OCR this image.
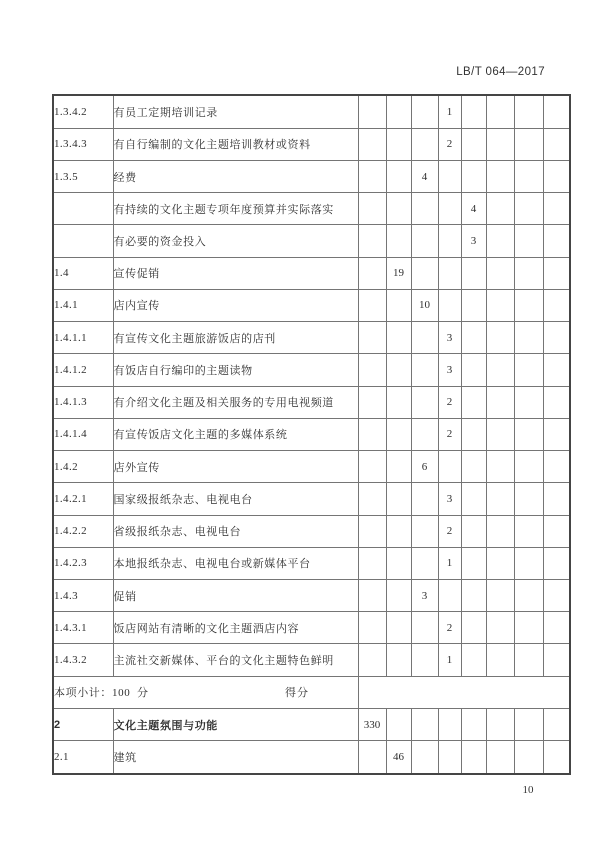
LB/T 064—2017
1.3.4.2	有员工定期培训记录				1				
1.3.4.3	有自行编制的文化主题培训教材或资料				2				
1.3.5	经费			4					
	有持续的文化主题专项年度预算并实际落实					4			
	有必要的资金投入					3			
1.4	宣传促销		19						
1.4.1	店内宣传			10					
1.4.1.1	有宣传文化主题旅游饭店的店刊				3				
1.4.1.2	有饭店自行编印的主题读物				3				
1.4.1.3	有介绍文化主题及相关服务的专用电视频道				2				
1.4.1.4	有宣传饭店文化主题的多媒体系统				2				
1.4.2	店外宣传			6					
1.4.2.1	国家级报纸杂志、电视电台				3				
1.4.2.2	省级报纸杂志、电视电台				2				
1.4.2.3	本地报纸杂志、电视电台或新媒体平台				1				
1.4.3	促销			3					
1.4.3.1	饭店网站有清晰的文化主题酒店内容				2				
1.4.3.2	主流社交新媒体、平台的文化主题特色鲜明				1				
本项小计：100  分 得分									

2	文化主题氛围与功能	330							
2.1	建筑		46						
10
